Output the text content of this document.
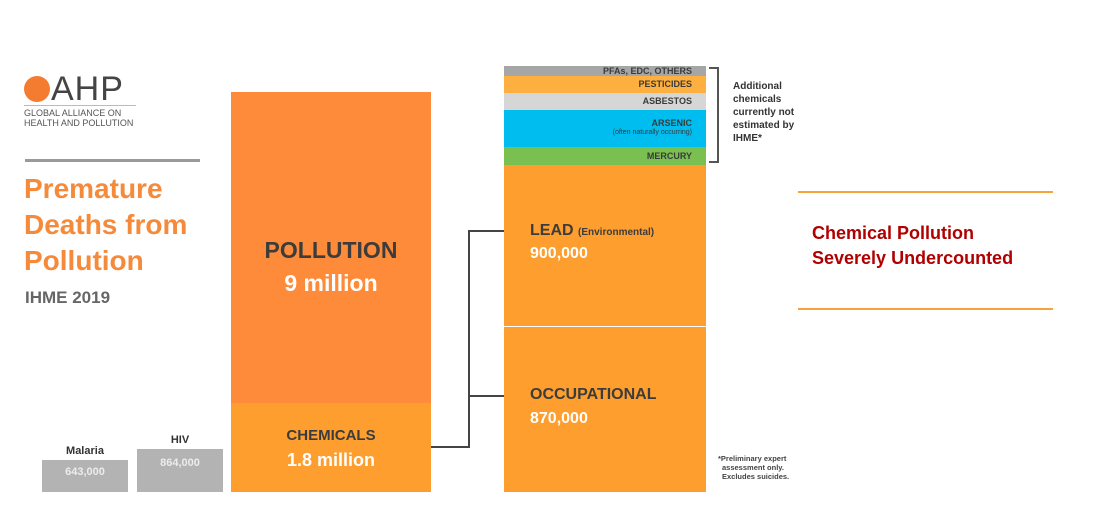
AHP
GLOBAL ALLIANCE ON
HEALTH AND POLLUTION
Premature
Deaths from
Pollution
IHME 2019
Malaria
643,000
HIV
864,000
POLLUTION
9 million
CHEMICALS
1.8 million
PFAs, EDC, OTHERS
PESTICIDES
ASBESTOS
ARSENIC
(often naturally occurring)
MERCURY
LEAD (Environmental)
900,000
OCCUPATIONAL
870,000
Additional
chemicals
currently not
estimated by
IHME*
*Preliminary expert
assessment only.
Excludes suicides.
Chemical Pollution
Severely Undercounted
